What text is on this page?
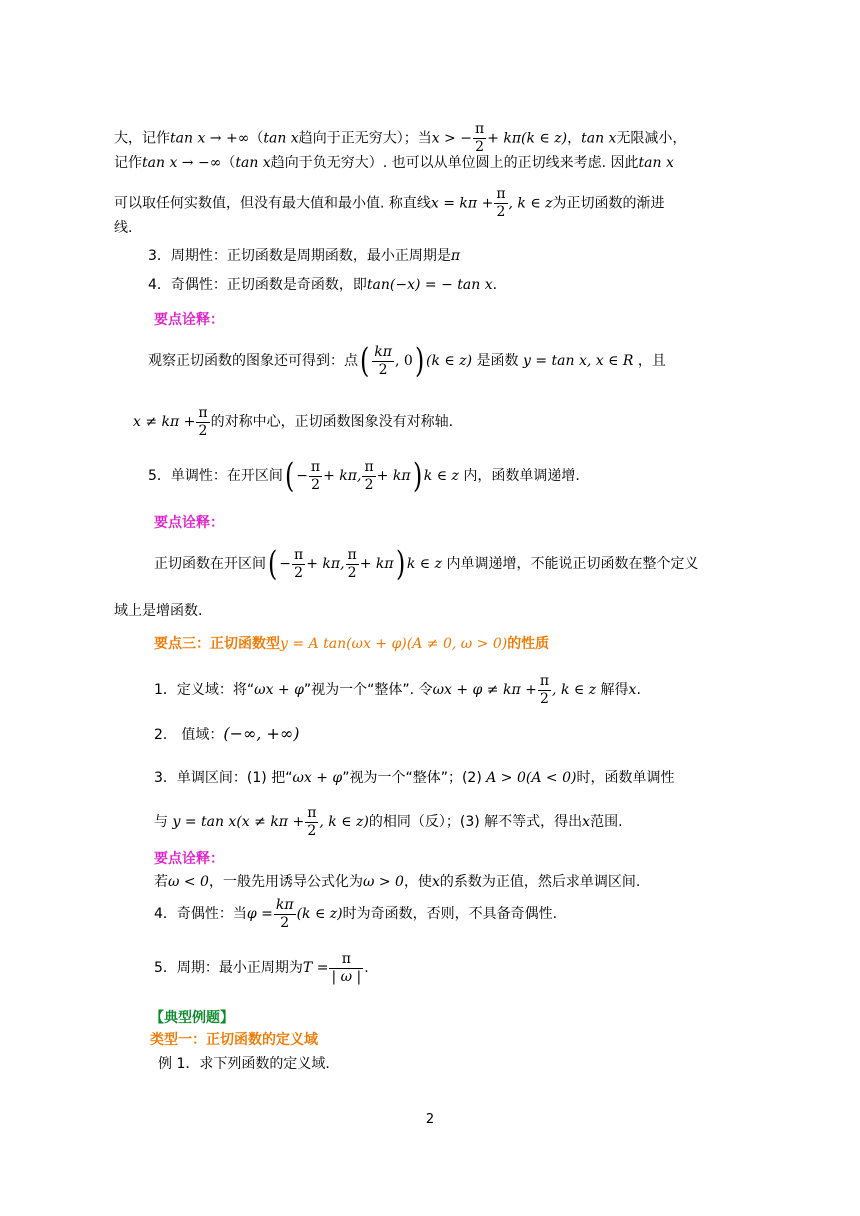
大，记作tan x → +∞（tan x趋向于正无穷大）；当x > − $\frac{\pi}{2} + k\pi(k$ ∈ z)，tan x无限减小，
记作tan x → −∞（tan x趋向于负无穷大）. 也可以从单位圆上的正切线来考虑. 因此tan x
可以取任何实数值，但没有最大值和最小值. 称直线$x = k\pi + \frac{\pi}{2}$ , k ∈ z为正切函数的渐进
线.
3．周期性：正切函数是周期函数，最小正周期是π
4．奇偶性：正切函数是奇函数，即tan(−x) = − tan x.
要点诠释：
观察正切函数的图象还可得到：点( $\frac{k\pi}{2}$ , 0) (k ∈ z) 是函数 y = tan x, x ∈ R ，且
$x \ne k\pi + \frac{\pi}{2}$ 的对称中心，正切函数图象没有对称轴.
5．单调性：在开区间( − $\frac{\pi}{2} + k\pi$, $\frac{\pi}{2} + k\pi$) k ∈ z 内，函数单调递增.
要点诠释：
正切函数在开区间( − $\frac{\pi}{2} + k\pi$, $\frac{\pi}{2} + k\pi$) k ∈ z 内单调递增，不能说正切函数在整个定义
域上是增函数.
要点三：正切函数型y = A tan(ωx + φ)(A ≠ 0, ω > 0)的性质
1．定义域：将“ωx + φ”视为一个“整体”. 令$\omega x + \varphi \ne k\pi + \frac{\pi}{2}$ , k ∈ z 解得x.
2． 值域：(−∞, +∞)
3．单调区间：(1) 把“ωx + φ”视为一个“整体”；(2) A > 0(A < 0)时，函数单调性
与 $y = \tan x(x \ne k\pi + \frac{\pi}{2}$ , k ∈ z)的相同（反）；(3) 解不等式，得出x范围.
要点诠释：
若ω < 0，一般先用诱导公式化为ω > 0，使x的系数为正值，然后求单调区间.
4．奇偶性：当$\varphi = \frac{k\pi}{2} (k$ ∈ z)时为奇函数，否则，不具备奇偶性.
5．周期：最小正周期为$T = \frac{\pi}{| \omega |}$ .
【典型例题】
类型一：正切函数的定义域
例 1．求下列函数的定义域.
2
